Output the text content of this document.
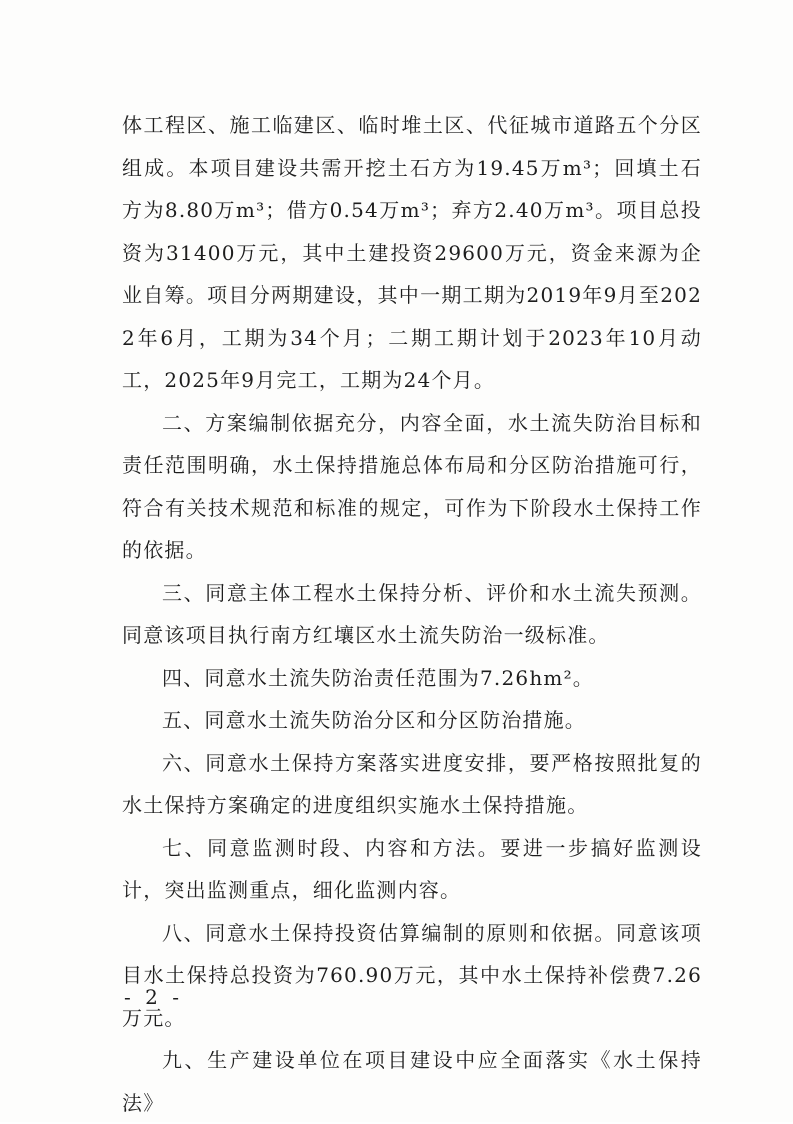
体工程区、施工临建区、临时堆土区、代征城市道路五个分区组成。本项目建设共需开挖土石方为19.45万m³；回填土石方为8.80万m³；借方0.54万m³；弃方2.40万m³。项目总投资为31400万元，其中土建投资29600万元，资金来源为企业自筹。项目分两期建设，其中一期工期为2019年9月至2022年6月，工期为34个月；二期工期计划于2023年10月动工，2025年9月完工，工期为24个月。

二、方案编制依据充分，内容全面，水土流失防治目标和责任范围明确，水土保持措施总体布局和分区防治措施可行，符合有关技术规范和标准的规定，可作为下阶段水土保持工作的依据。

三、同意主体工程水土保持分析、评价和水土流失预测。同意该项目执行南方红壤区水土流失防治一级标准。

四、同意水土流失防治责任范围为7.26hm²。

五、同意水土流失防治分区和分区防治措施。

六、同意水土保持方案落实进度安排，要严格按照批复的水土保持方案确定的进度组织实施水土保持措施。

七、同意监测时段、内容和方法。要进一步搞好监测设计，突出监测重点，细化监测内容。

八、同意水土保持投资估算编制的原则和依据。同意该项目水土保持总投资为760.90万元，其中水土保持补偿费7.26万元。

九、生产建设单位在项目建设中应全面落实《水土保持法》

- 2 -
